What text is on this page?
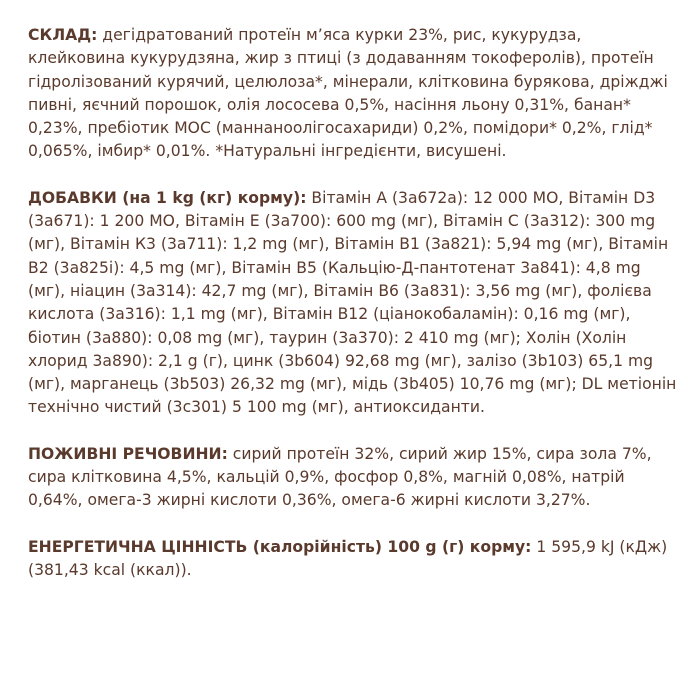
СКЛАД: дегідратований протеїн м’яса курки 23%, рис, кукурудза, клейковина кукурудзяна, жир з птиці (з додаванням токоферолів), протеїн гідролізований курячий, целюлоза*, мінерали, клітковина бурякова, дріжджі пивні, яєчний порошок, олія лососева 0,5%, насіння льону 0,31%, банан* 0,23%, пребіотик МОС (маннаноолігосахариди) 0,2%, помідори* 0,2%, глід* 0,065%, імбир* 0,01%. *Натуральні інгредієнти, висушені.

ДОБАВКИ (на 1 kg (кг) корму): Вітамін А (3а672а): 12 000 МО, Вітамін D3 (3а671): 1 200 МО, Вітамін Е (3а700): 600 mg (мг), Вітамін С (3а312): 300 mg (мг), Вітамін К3 (3а711): 1,2 mg (мг), Вітамін В1 (3а821): 5,94 mg (мг), Вітамін В2 (3а825і): 4,5 mg (мг), Вітамін В5 (Кальцію-Д-пантотенат 3а841): 4,8 mg (мг), ніацин (3а314): 42,7 mg (мг), Вітамін В6 (3а831): 3,56 mg (мг), фолієва кислота (3а316): 1,1 mg (мг), Вітамін В12 (ціанокобаламін): 0,16 mg (мг), біотин (3а880): 0,08 mg (мг), таурин (3а370): 2 410 mg (мг); Холін (Холін хлорид 3а890): 2,1 g (г), цинк (3b604) 92,68 mg (мг), залізо (3b103) 65,1 mg (мг), марганець (3b503) 26,32 mg (мг), мідь (3b405) 10,76 mg (мг); DL метіонін технічно чистий (3с301) 5 100 mg (мг), антиоксиданти.

ПОЖИВНІ РЕЧОВИНИ: сирий протеїн 32%, сирий жир 15%, сира зола 7%, сира клітковина 4,5%, кальцій 0,9%, фосфор 0,8%, магній 0,08%, натрій 0,64%, омега-3 жирні кислоти 0,36%, омега-6 жирні кислоти 3,27%.

ЕНЕРГЕТИЧНА ЦІННІСТЬ (калорійність) 100 g (г) корму: 1 595,9 kJ (кДж) (381,43 kcal (ккал)).
